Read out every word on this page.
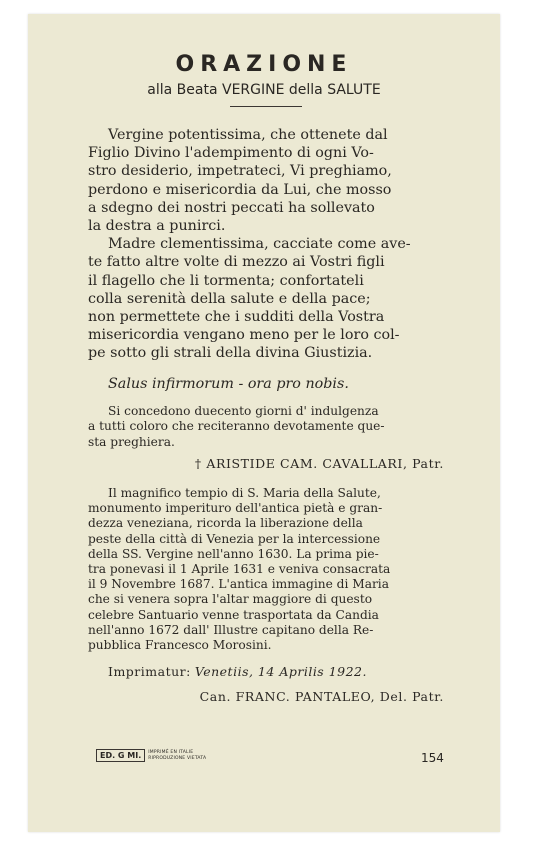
ORAZIONE
alla Beata VERGINE della SALUTE

Vergine potentissima, che ottenete dal

Figlio Divino l'adempimento di ogni Vo-

stro desiderio, impetrateci, Vi preghiamo,

perdono e misericordia da Lui, che mosso

a sdegno dei nostri peccati ha sollevato

la destra a punirci.

Madre clementissima, cacciate come ave-

te fatto altre volte di mezzo ai Vostri figli

il flagello che li tormenta; confortateli

colla serenità della salute e della pace;

non permettete che i sudditi della Vostra

misericordia vengano meno per le loro col-

pe sotto gli strali della divina Giustizia.

Salus infirmorum - ora pro nobis.

Si concedono duecento giorni d' indulgenza

a tutti coloro che reciteranno devotamente que-
sta preghiera.
† ARISTIDE CAM. CAVALLARI, Patr.

Il magnifico tempio di S. Maria della Salute,

monumento imperituro dell'antica pietà e gran-
dezza veneziana, ricorda la liberazione della
peste della città di Venezia per la intercessione
della SS. Vergine nell'anno 1630. La prima pie-
tra ponevasi il 1 Aprile 1631 e veniva consacrata
il 9 Novembre 1687. L'antica immagine di Maria
che si venera sopra l'altar maggiore di questo
celebre Santuario venne trasportata da Candia
nell'anno 1672 dall' Illustre capitano della Re-
pubblica Francesco Morosini.
Imprimatur: Venetiis, 14 Aprilis 1922.
Can. FRANC. PANTALEO, Del. Patr.
ED. G MI.	IMPRIMÉ EN ITALIE
RIPRODUZIONE VIETATA	154
